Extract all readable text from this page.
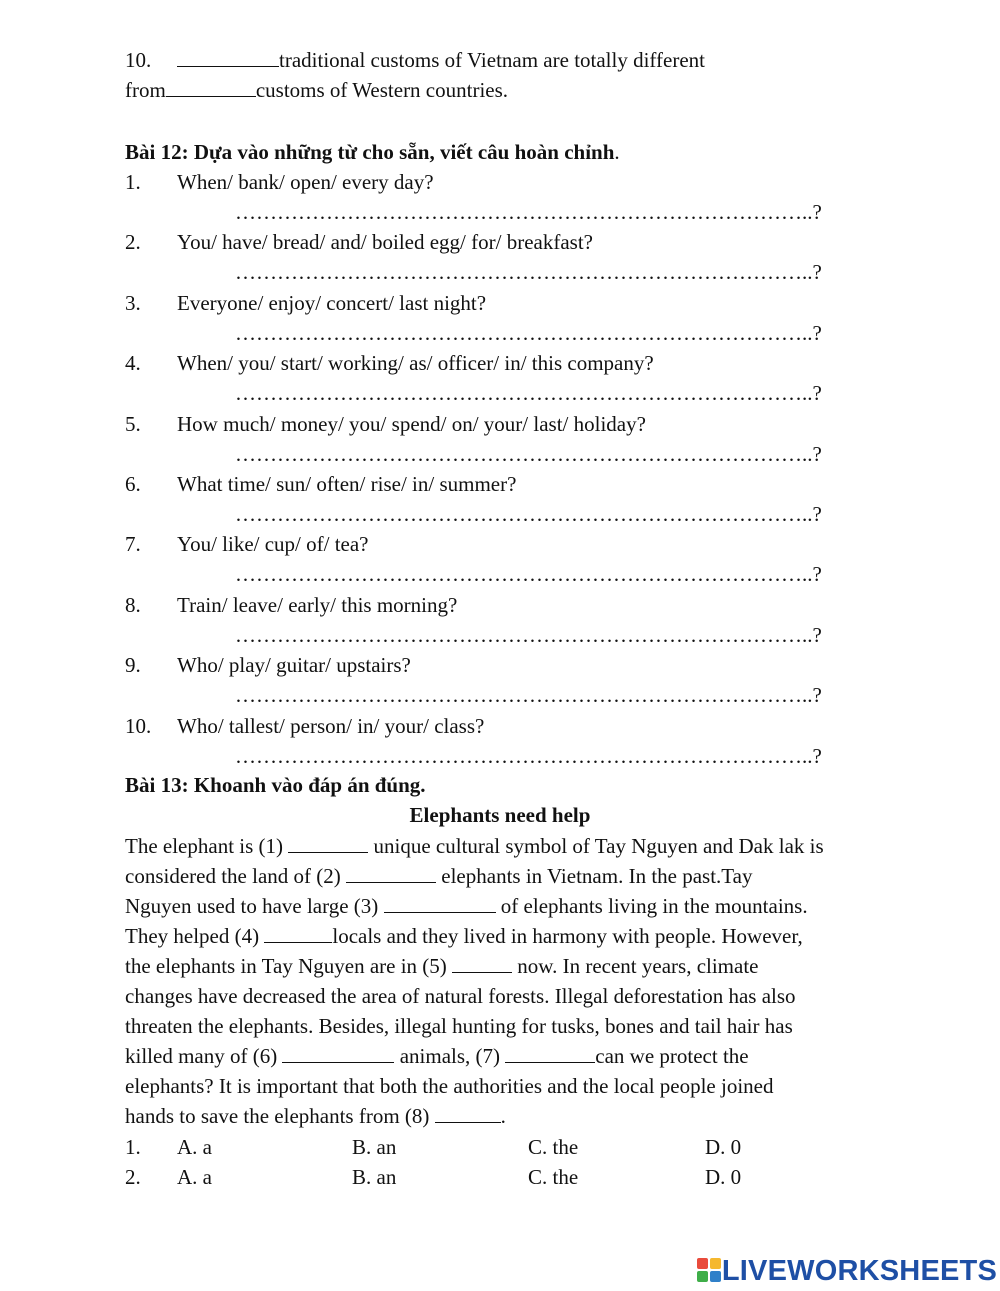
10.	traditional customs of Vietnam are totally different
from	customs of Western countries.
Bài 12: Dựa vào những từ cho sẵn, viết câu hoàn chỉnh.
1. When/ bank/ open/ every day?
………………………………………………………………………..?
2. You/ have/ bread/ and/ boiled egg/ for/ breakfast?
………………………………………………………………………..?
3. Everyone/ enjoy/ concert/ last night?
………………………………………………………………………..?
4. When/ you/ start/ working/ as/ officer/ in/ this company?
………………………………………………………………………..?
5. How much/ money/ you/ spend/ on/ your/ last/ holiday?
………………………………………………………………………..?
6. What time/ sun/ often/ rise/ in/ summer?
………………………………………………………………………..?
7. You/ like/ cup/ of/ tea?
………………………………………………………………………..?
8. Train/ leave/ early/ this morning?
………………………………………………………………………..?
9. Who/ play/ guitar/ upstairs?
………………………………………………………………………..?
10. Who/ tallest/ person/ in/ your/ class?
………………………………………………………………………..?
Bài 13: Khoanh vào đáp án đúng.
Elephants need help
The elephant is (1)	unique cultural symbol of Tay Nguyen and Dak lak is
considered the land of (2)	elephants in Vietnam. In the past.Tay
Nguyen used to have large (3)	of elephants living in the mountains.
They helped (4)	locals and they lived in harmony with people. However,
the elephants in Tay Nguyen are in (5)	now. In recent years, climate
changes have decreased the area of natural forests. Illegal deforestation has also
threaten the elephants. Besides, illegal hunting for tusks, bones and tail hair has
killed many of (6)	animals, (7)	can we protect the
elephants? It is important that both the authorities and the local people joined
hands to save the elephants from (8)	.
1. A. a	B. an	C. the	D. 0
2. A. a	B. an	C. the	D. 0
LIVEWORKSHEETS
